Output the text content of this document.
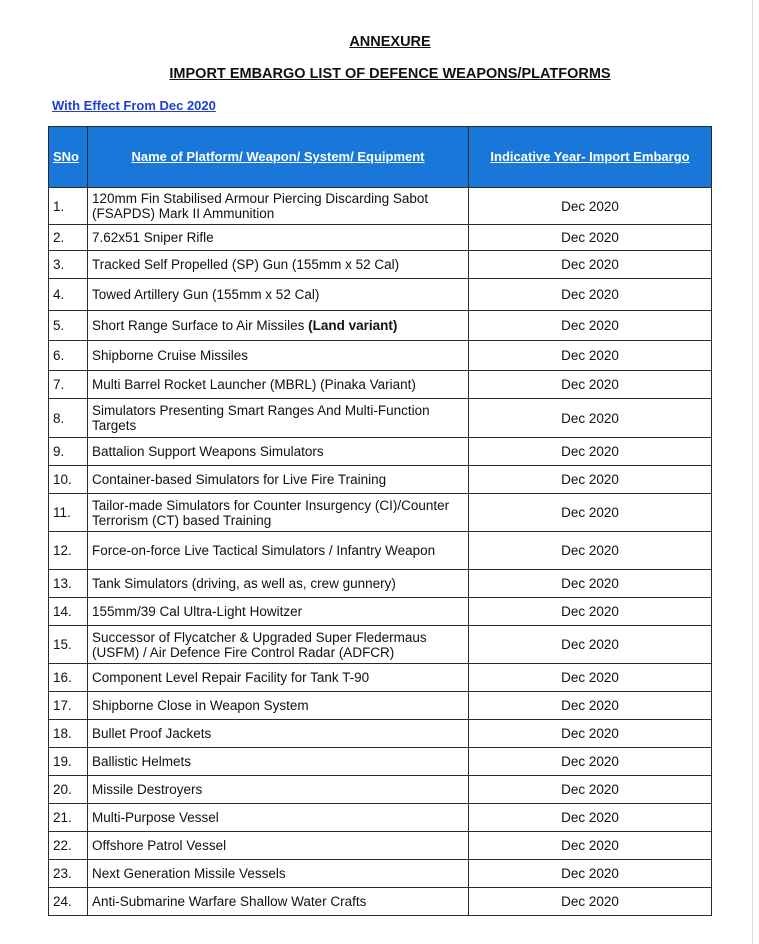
ANNEXURE
IMPORT EMBARGO LIST OF DEFENCE WEAPONS/PLATFORMS
With Effect From Dec 2020
SNo	Name of Platform/ Weapon/ System/ Equipment	Indicative Year- Import Embargo
1.	120mm Fin Stabilised Armour Piercing Discarding Sabot (FSAPDS) Mark II Ammunition	Dec 2020
2.	7.62x51 Sniper Rifle	Dec 2020
3.	Tracked Self Propelled (SP) Gun (155mm x 52 Cal)	Dec 2020
4.	Towed Artillery Gun (155mm x 52 Cal)	Dec 2020
5.	Short Range Surface to Air Missiles (Land variant)	Dec 2020
6.	Shipborne Cruise Missiles	Dec 2020
7.	Multi Barrel Rocket Launcher (MBRL) (Pinaka Variant)	Dec 2020
8.	Simulators Presenting Smart Ranges And Multi-Function Targets	Dec 2020
9.	Battalion Support Weapons Simulators	Dec 2020
10.	Container-based Simulators for Live Fire Training	Dec 2020
11.	Tailor-made Simulators for Counter Insurgency (CI)/Counter Terrorism (CT) based Training	Dec 2020
12.	Force-on-force Live Tactical Simulators / Infantry Weapon	Dec 2020
13.	Tank Simulators (driving, as well as, crew gunnery)	Dec 2020
14.	155mm/39 Cal Ultra-Light Howitzer	Dec 2020
15.	Successor of Flycatcher & Upgraded Super Fledermaus (USFM) / Air Defence Fire Control Radar (ADFCR)	Dec 2020
16.	Component Level Repair Facility for Tank T-90	Dec 2020
17.	Shipborne Close in Weapon System	Dec 2020
18.	Bullet Proof Jackets	Dec 2020
19.	Ballistic Helmets	Dec 2020
20.	Missile Destroyers	Dec 2020
21.	Multi-Purpose Vessel	Dec 2020
22.	Offshore Patrol Vessel	Dec 2020
23.	Next Generation Missile Vessels	Dec 2020
24.	Anti-Submarine Warfare Shallow Water Crafts	Dec 2020
